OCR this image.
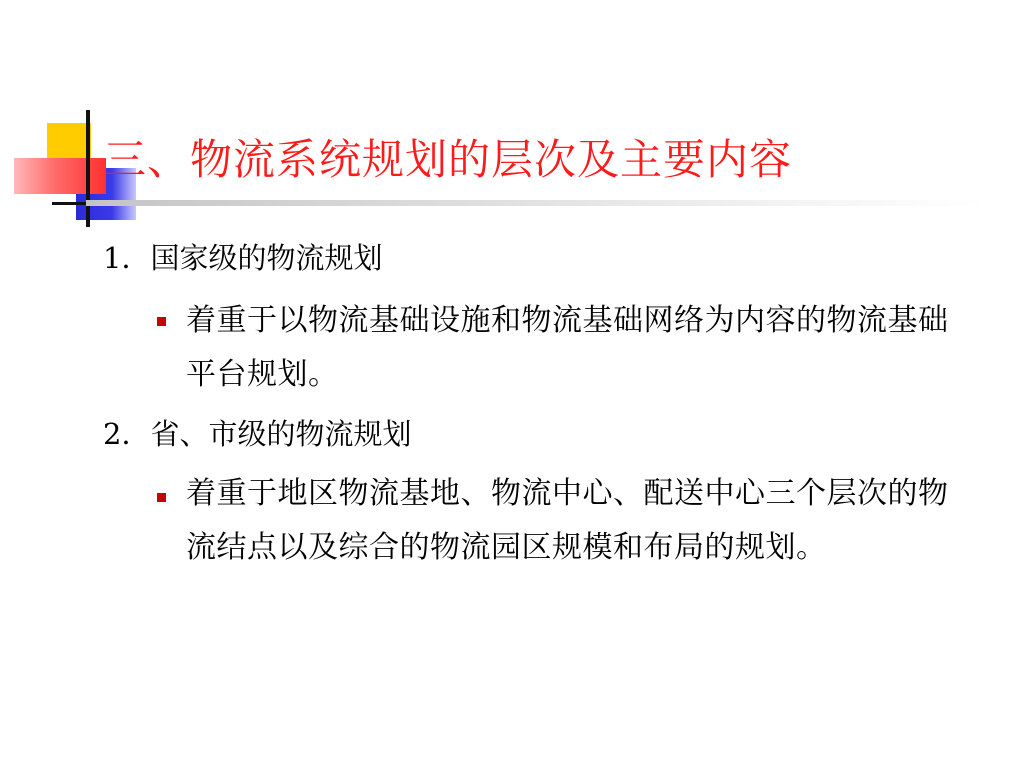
三、物流系统规划的层次及主要内容
1．国家级的物流规划
着重于以物流基础设施和物流基础网络为内容的物流基础平台规划。
2．省、市级的物流规划
着重于地区物流基地、物流中心、配送中心三个层次的物流结点以及综合的物流园区规模和布局的规划。
